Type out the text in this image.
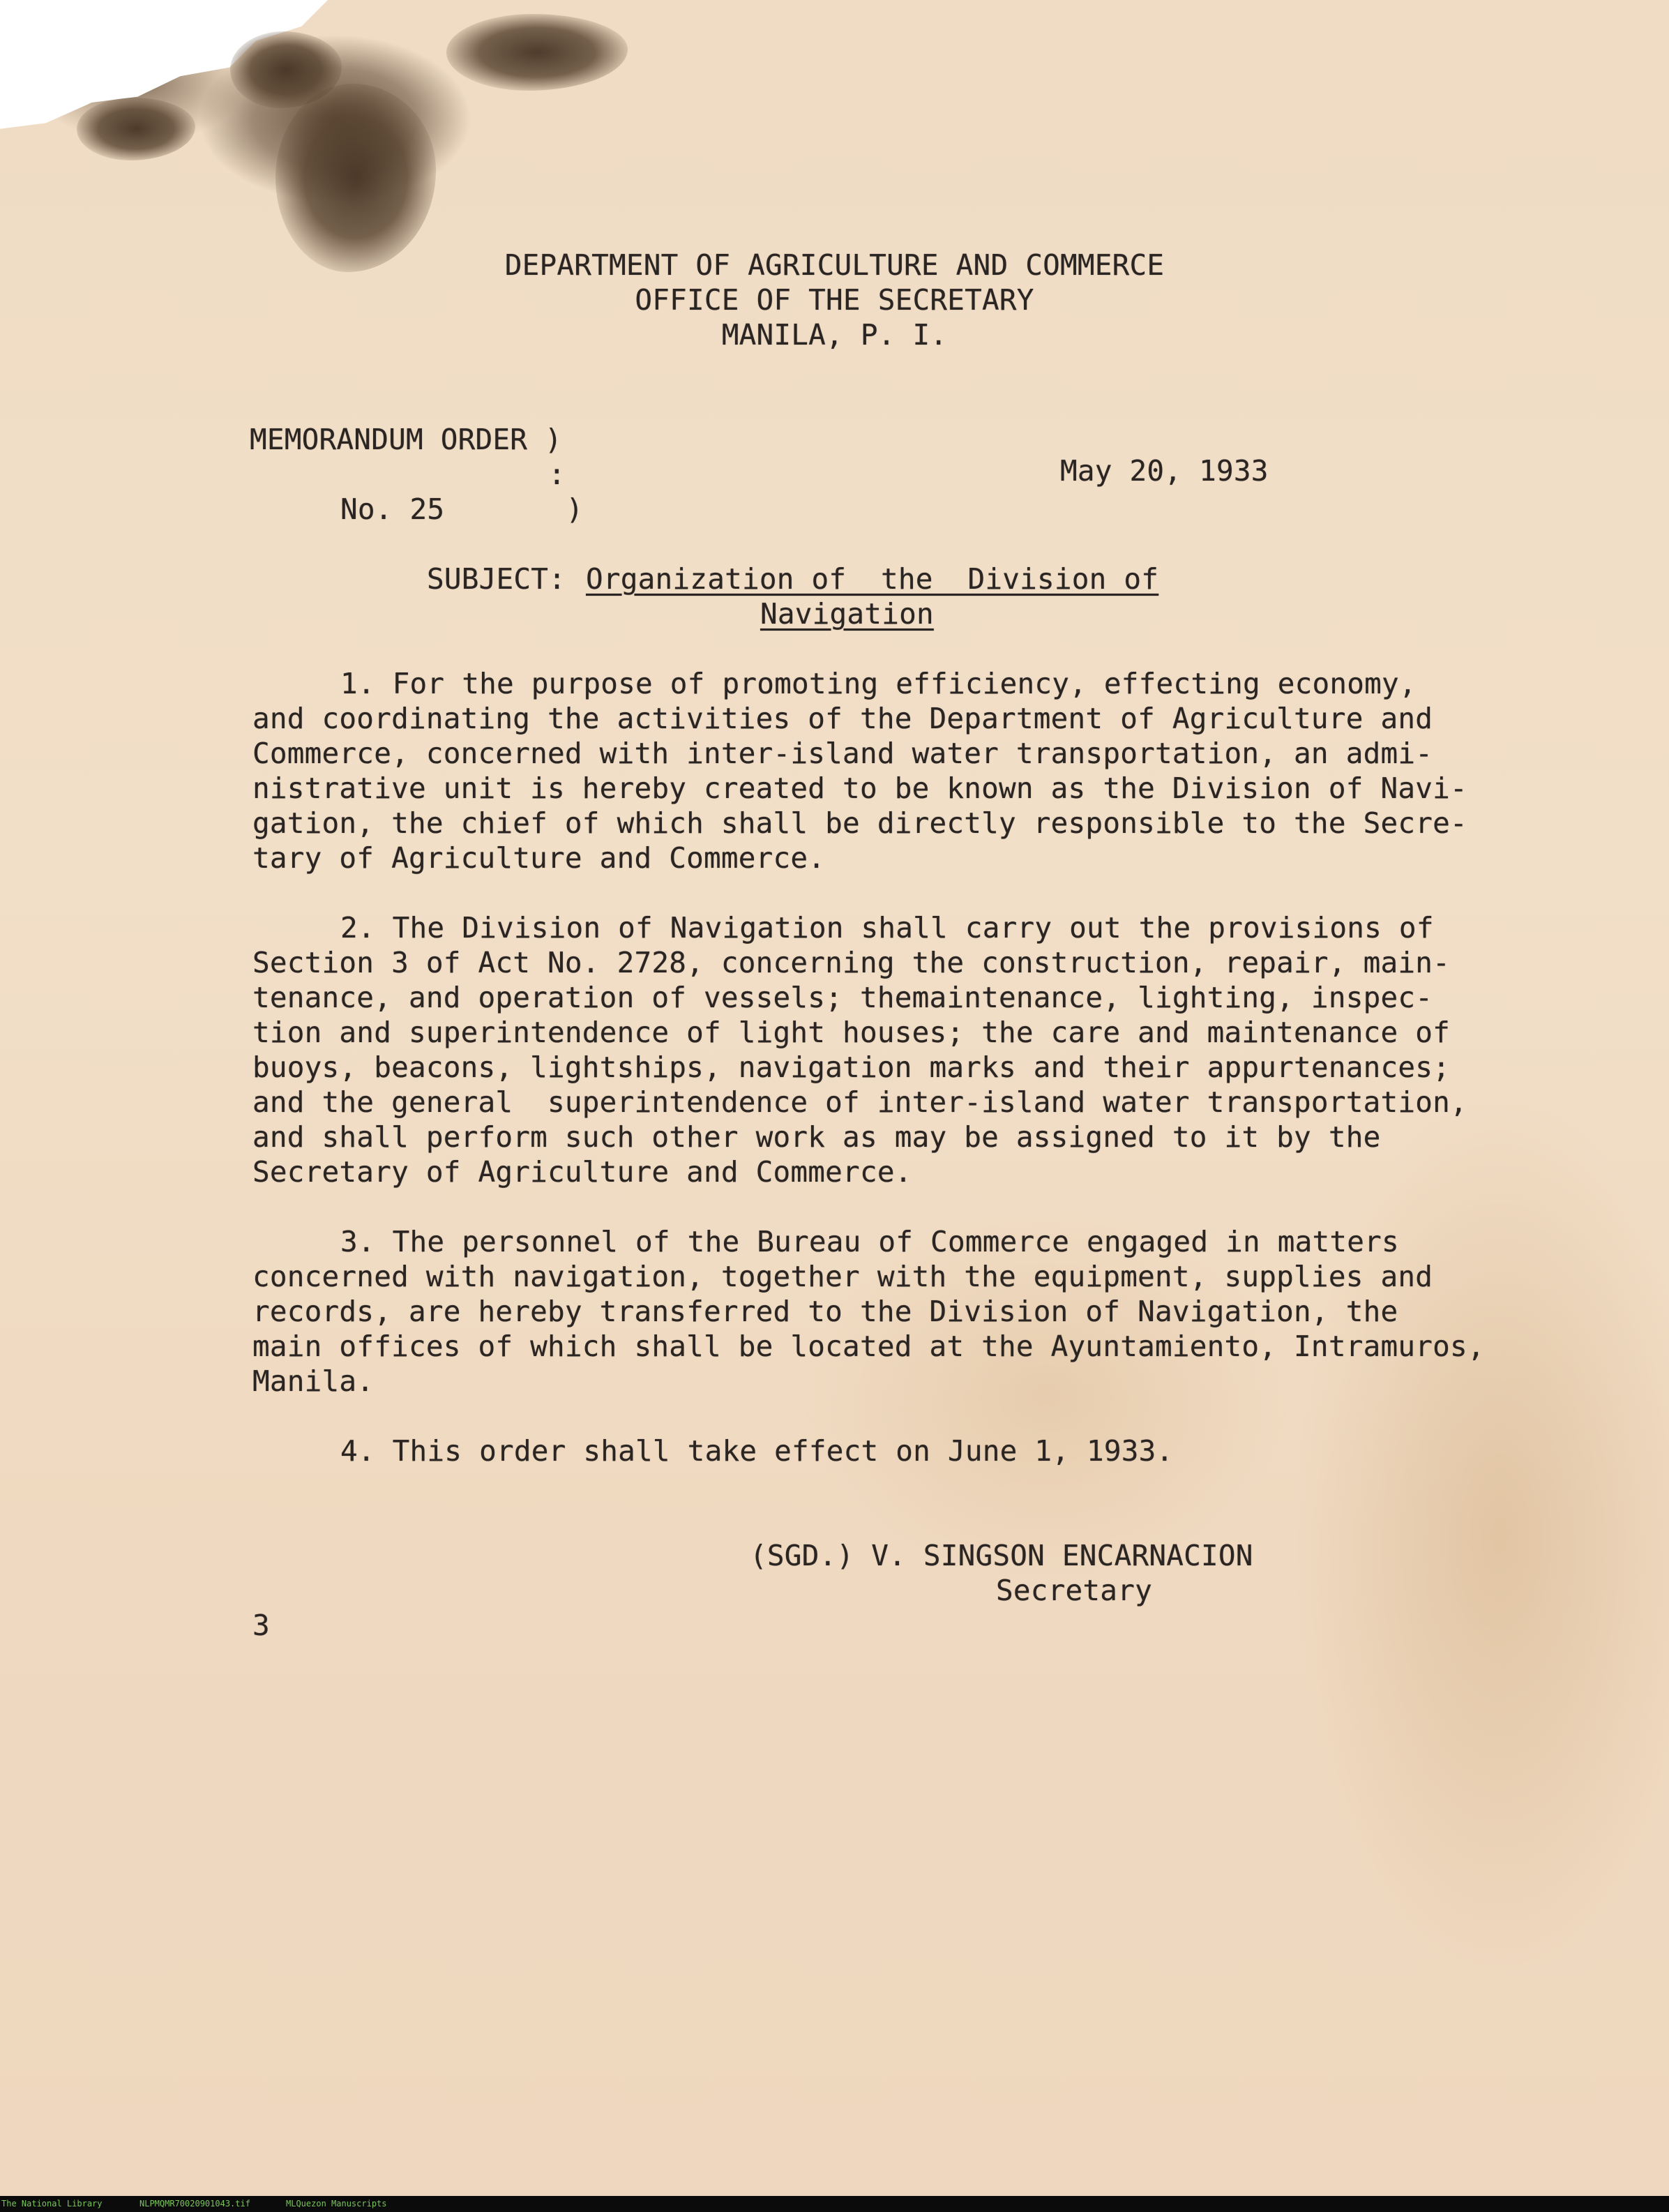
DEPARTMENT OF AGRICULTURE AND COMMERCE
OFFICE OF THE SECRETARY
MANILA, P. I.
MEMORANDUM ORDER )
:
No. 25       )
May 20, 1933
SUBJECT: Organization of  the  Division of
Navigation
1. For the purpose of promoting efficiency, effecting economy,
and coordinating the activities of the Department of Agriculture and
Commerce, concerned with inter-island water transportation, an admi-
nistrative unit is hereby created to be known as the Division of Navi-
gation, the chief of which shall be directly responsible to the Secre-
tary of Agriculture and Commerce.
2. The Division of Navigation shall carry out the provisions of
Section 3 of Act No. 2728, concerning the construction, repair, main-
tenance, and operation of vessels; themaintenance, lighting, inspec-
tion and superintendence of light houses; the care and maintenance of
buoys, beacons, lightships, navigation marks and their appurtenances;
and the general  superintendence of inter-island water transportation,
and shall perform such other work as may be assigned to it by the
Secretary of Agriculture and Commerce.
3. The personnel of the Bureau of Commerce engaged in matters
concerned with navigation, together with the equipment, supplies and
records, are hereby transferred to the Division of Navigation, the
main offices of which shall be located at the Ayuntamiento, Intramuros,
Manila.
4. This order shall take effect on June 1, 1933.
(SGD.) V. SINGSON ENCARNACION
Secretary
3
The National Library	NLPMQMR70020901043.tif	MLQuezon Manuscripts
